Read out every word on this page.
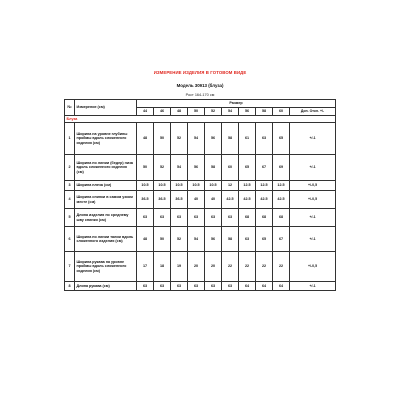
ИЗМЕРЕНИЕ ИЗДЕЛИЯ В ГОТОВОМ ВИДЕ
Модель 30913 (блуза)
Рост 164-170 см
№	Измерение (см)	Размер									
		44	46	48	50	52	54	56	58	60	Доп. Откл. +/-
Блуза											
1	Ширина на уровне глубины проймы вдоль сложенного изделия (см)	48	50	52	54	56	58	61	63	65	+/-1
2	Ширина по линии (бедер) низа вдоль сложенного изделия (см)	50	52	54	56	58	60	65	67	69	+/-1
3	Ширина плеча (см)	10.5	10.5	10.5	10.5	10.5	12	12.5	12.5	12.5	+/-0,5
4	Ширина спинки в самом узком месте (см)	36.5	36.5	36.5	40	40	42.5	42.5	42.5	42.5	+/-0,5
5	Длина изделия по среднему шву спинки (см)	63	63	63	63	63	63	68	68	68	+/-1
6	Ширина по линии талии вдоль сложенного изделия (см)	48	50	52	54	56	58	63	65	67	+/-1
7	Ширина рукава на уровне проймы вдоль сложенного изделия (см)	17	18	19	20	20	22	22	22	22	+/-0,5
8	Длина рукава (см)	63	63	63	63	63	63	64	64	64	+/-1
